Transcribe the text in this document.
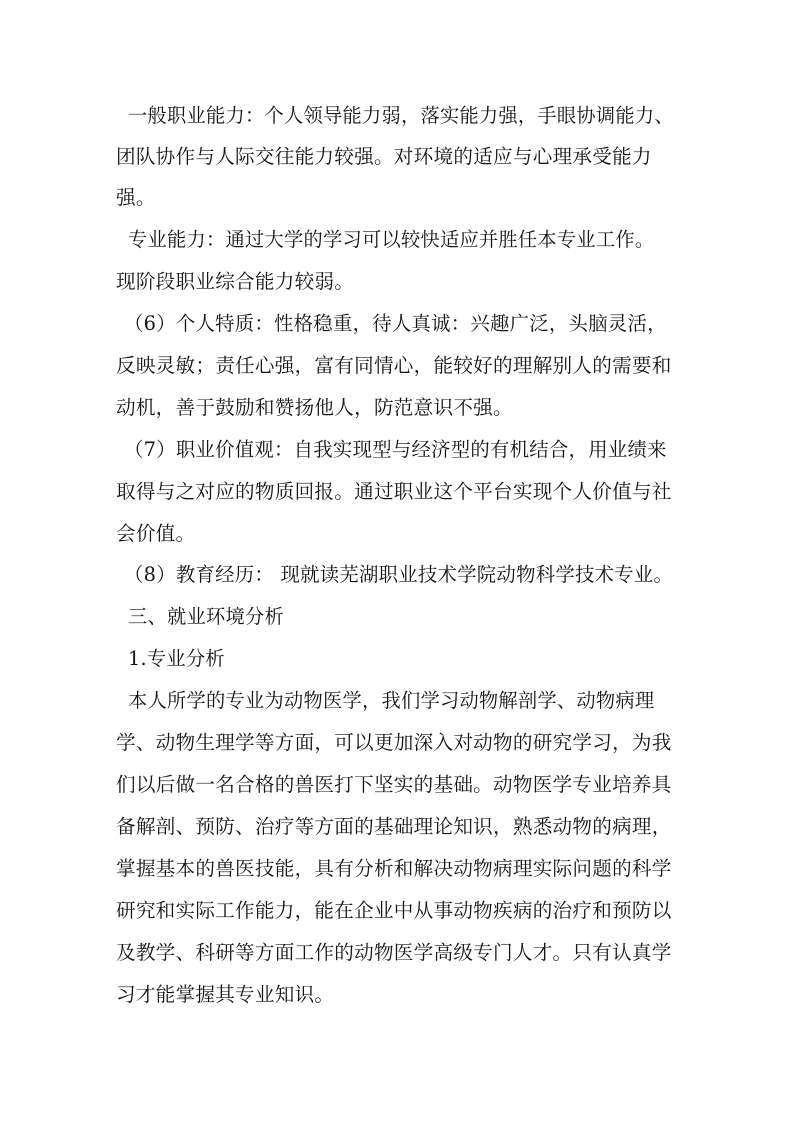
一般职业能力：个人领导能力弱，落实能力强，手眼协调能力、
团队协作与人际交往能力较强。对环境的适应与心理承受能力
强。
专业能力：通过大学的学习可以较快适应并胜任本专业工作。
现阶段职业综合能力较弱。
（6）个人特质：性格稳重，待人真诚：兴趣广泛，头脑灵活，
反映灵敏；责任心强，富有同情心，能较好的理解别人的需要和
动机，善于鼓励和赞扬他人，防范意识不强。
（7）职业价值观：自我实现型与经济型的有机结合，用业绩来
取得与之对应的物质回报。通过职业这个平台实现个人价值与社
会价值。
（8）教育经历： 现就读芜湖职业技术学院动物科学技术专业。
三、就业环境分析
1.专业分析
本人所学的专业为动物医学，我们学习动物解剖学、动物病理
学、动物生理学等方面，可以更加深入对动物的研究学习，为我
们以后做一名合格的兽医打下坚实的基础。动物医学专业培养具
备解剖、预防、治疗等方面的基础理论知识，熟悉动物的病理，
掌握基本的兽医技能，具有分析和解决动物病理实际问题的科学
研究和实际工作能力，能在企业中从事动物疾病的治疗和预防以
及教学、科研等方面工作的动物医学高级专门人才。只有认真学
习才能掌握其专业知识。
